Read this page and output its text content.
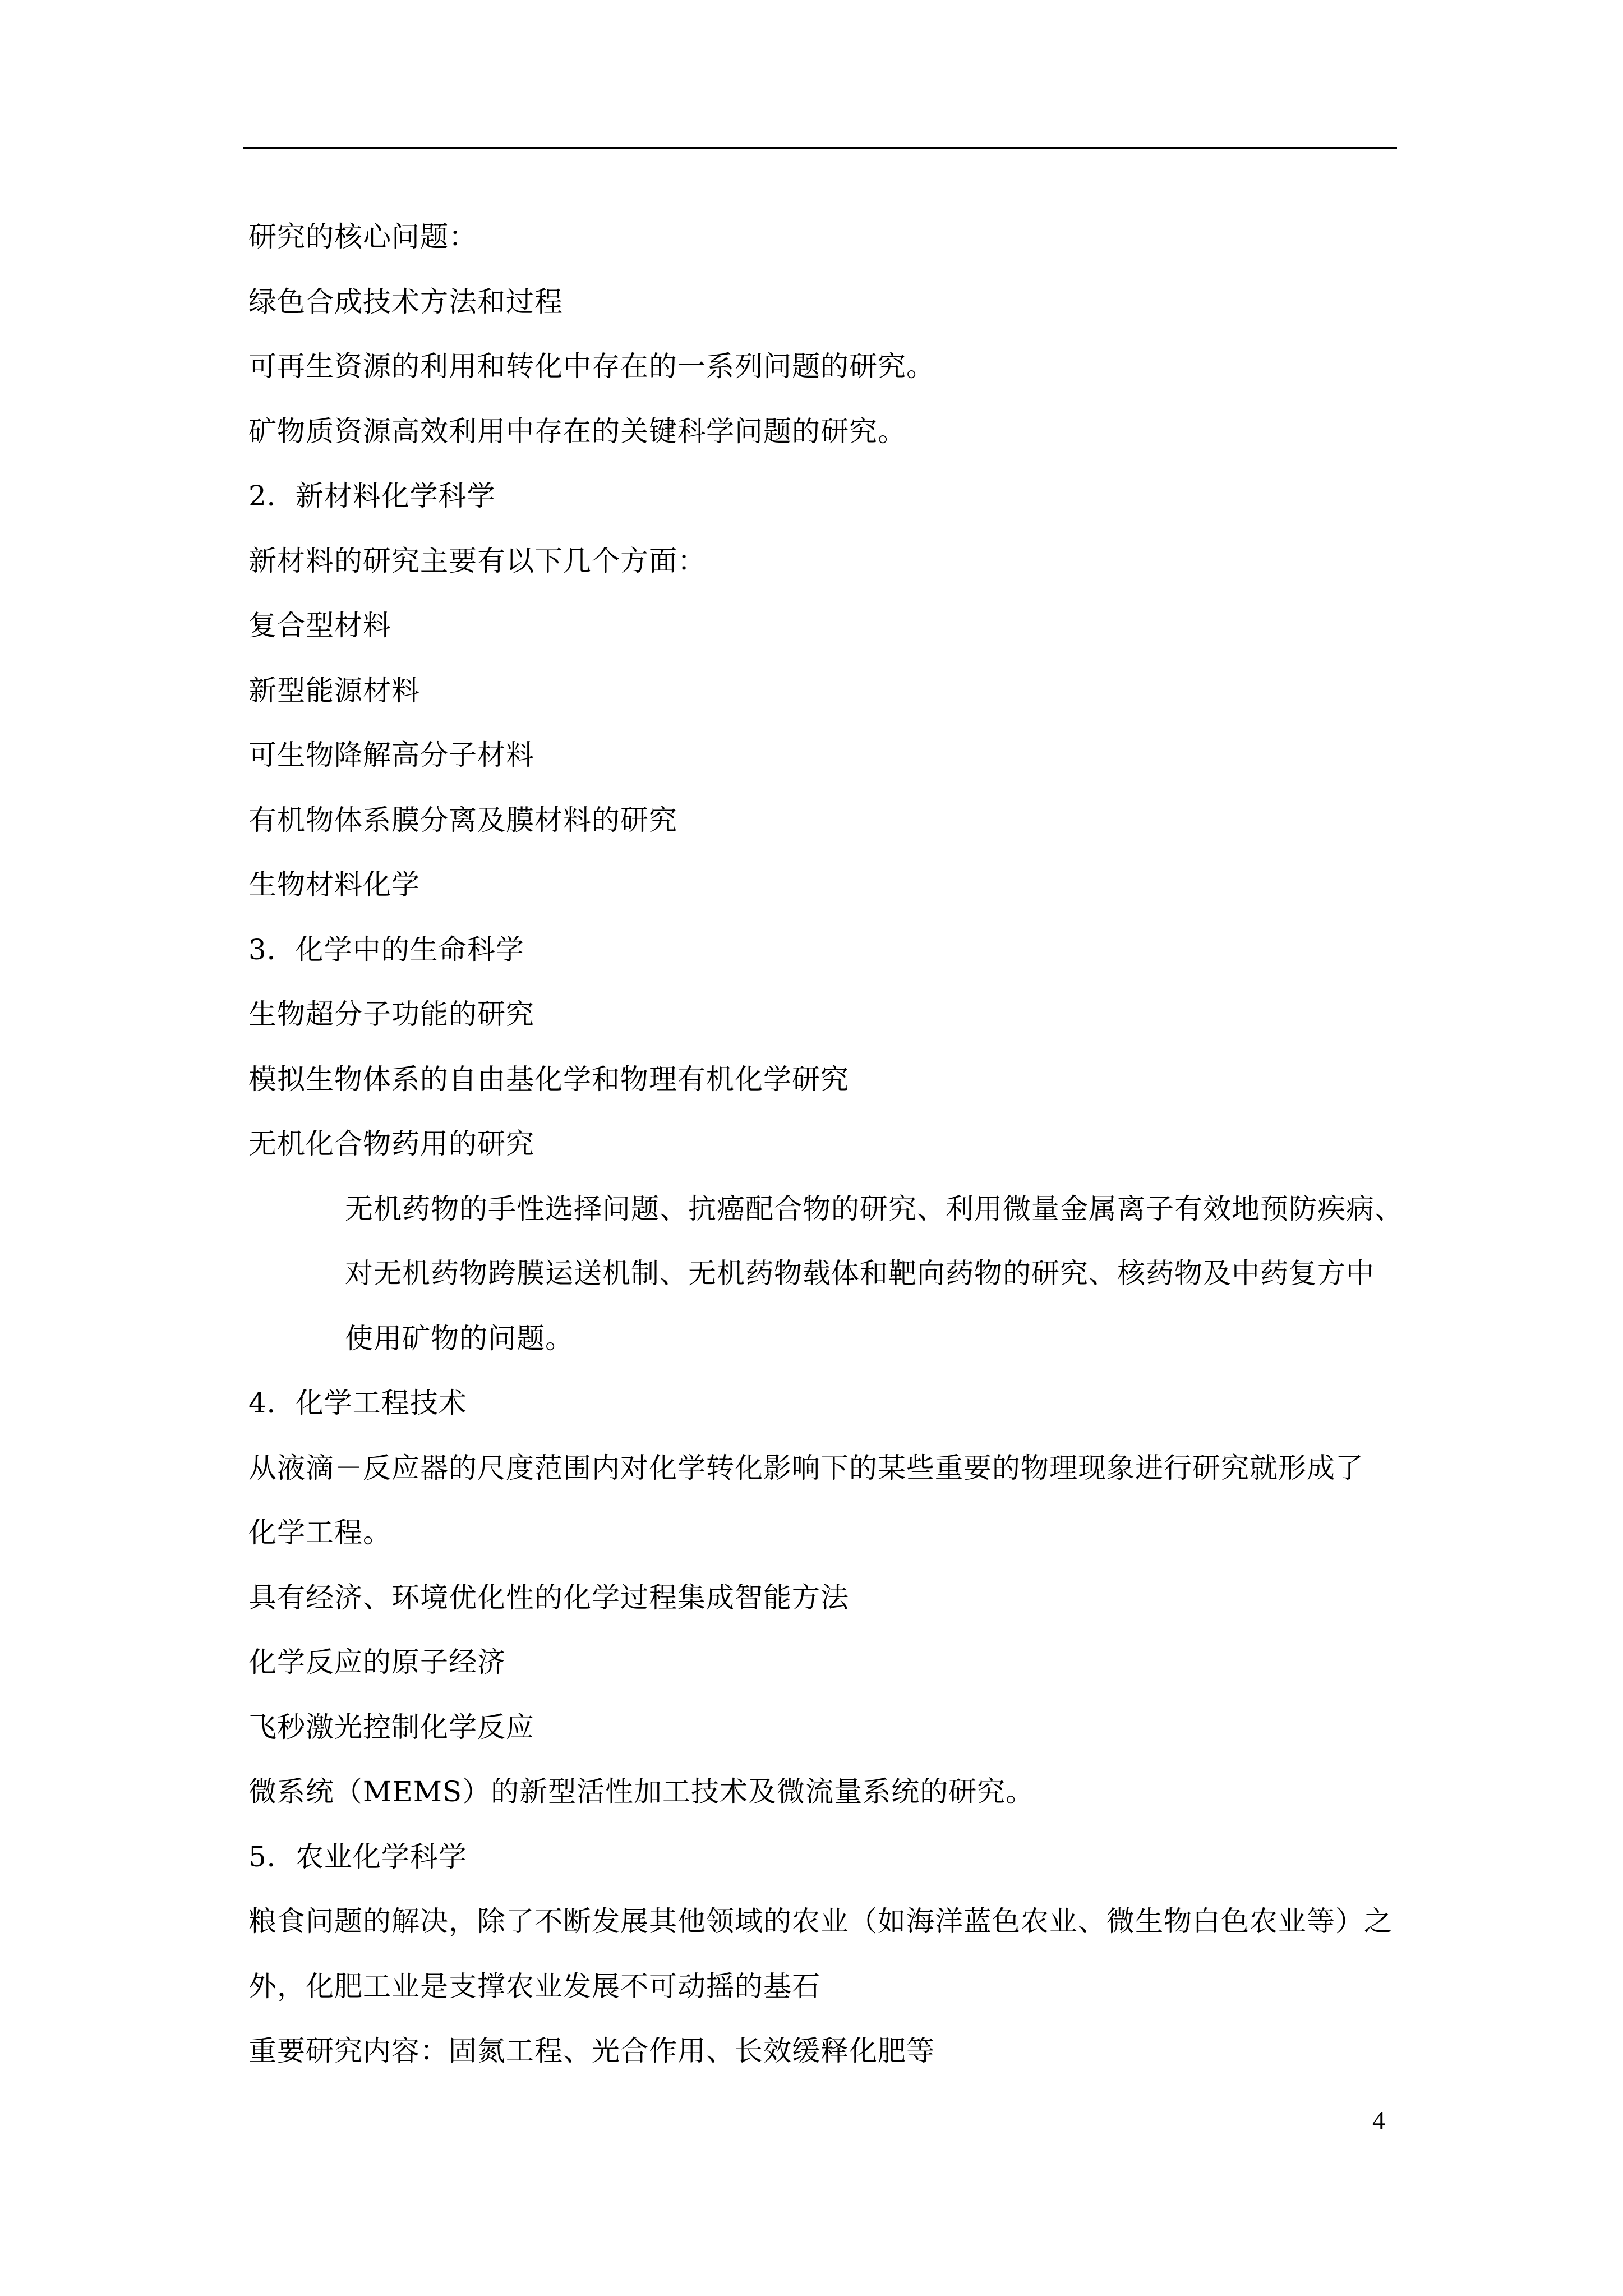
研究的核心问题：
绿色合成技术方法和过程
可再生资源的利用和转化中存在的一系列问题的研究。
矿物质资源高效利用中存在的关键科学问题的研究。
2．新材料化学科学
新材料的研究主要有以下几个方面：
复合型材料
新型能源材料
可生物降解高分子材料
有机物体系膜分离及膜材料的研究
生物材料化学
3．化学中的生命科学
生物超分子功能的研究
模拟生物体系的自由基化学和物理有机化学研究
无机化合物药用的研究
无机药物的手性选择问题、抗癌配合物的研究、利用微量金属离子有效地预防疾病、
对无机药物跨膜运送机制、无机药物载体和靶向药物的研究、核药物及中药复方中
使用矿物的问题。
4．化学工程技术
从液滴－反应器的尺度范围内对化学转化影响下的某些重要的物理现象进行研究就形成了
化学工程。
具有经济、环境优化性的化学过程集成智能方法
化学反应的原子经济
飞秒激光控制化学反应
微系统（MEMS）的新型活性加工技术及微流量系统的研究。
5．农业化学科学
粮食问题的解决，除了不断发展其他领域的农业（如海洋蓝色农业、微生物白色农业等）之
外，化肥工业是支撑农业发展不可动摇的基石
重要研究内容：固氮工程、光合作用、长效缓释化肥等
4
